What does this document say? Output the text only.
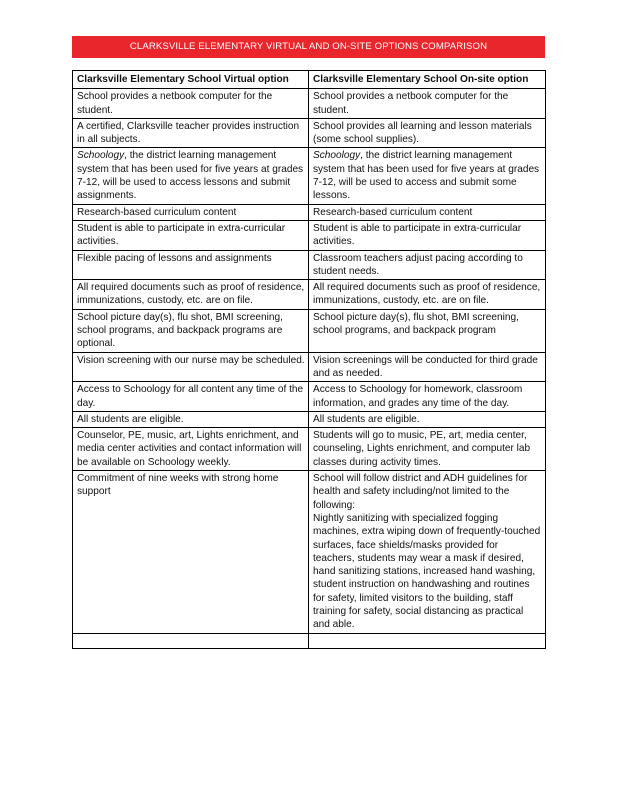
CLARKSVILLE ELEMENTARY VIRTUAL AND ON-SITE OPTIONS COMPARISON
Clarksville Elementary School Virtual option	Clarksville Elementary School On-site option
School provides a netbook computer for the student.	School provides a netbook computer for the student.
A certified, Clarksville teacher provides instruction in all subjects.	School provides all learning and lesson materials (some school supplies).
Schoology, the district learning management system that has been used for five years at grades 7-12, will be used to access lessons and submit assignments.	Schoology, the district learning management system that has been used for five years at grades 7-12, will be used to access and submit some lessons.
Research-based curriculum content	Research-based curriculum content
Student is able to participate in extra-curricular activities.	Student is able to participate in extra-curricular activities.
Flexible pacing of lessons and assignments	Classroom teachers adjust pacing according to student needs.
All required documents such as proof of residence, immunizations, custody, etc. are on file.	All required documents such as proof of residence, immunizations, custody, etc. are on file.
School picture day(s), flu shot, BMI screening, school programs, and backpack programs are optional.	School picture day(s), flu shot, BMI screening, school programs, and backpack program
Vision screening with our nurse may be scheduled.	Vision screenings will be conducted for third grade and as needed.
Access to Schoology for all content any time of the day.	Access to Schoology for homework, classroom information, and grades any time of the day.
All students are eligible.	All students are eligible.
Counselor, PE, music, art, Lights enrichment, and media center activities and contact information will be available on Schoology weekly.	Students will go to music, PE, art, media center, counseling, Lights enrichment, and computer lab classes during activity times.
Commitment of nine weeks with strong home support	School will follow district and ADH guidelines for health and safety including/not limited to the following:
Nightly sanitizing with specialized fogging machines, extra wiping down of frequently-touched surfaces, face shields/masks provided for teachers, students may wear a mask if desired, hand sanitizing stations, increased hand washing, student instruction on handwashing and routines for safety, limited visitors to the building, staff training for safety, social distancing as practical and able.
